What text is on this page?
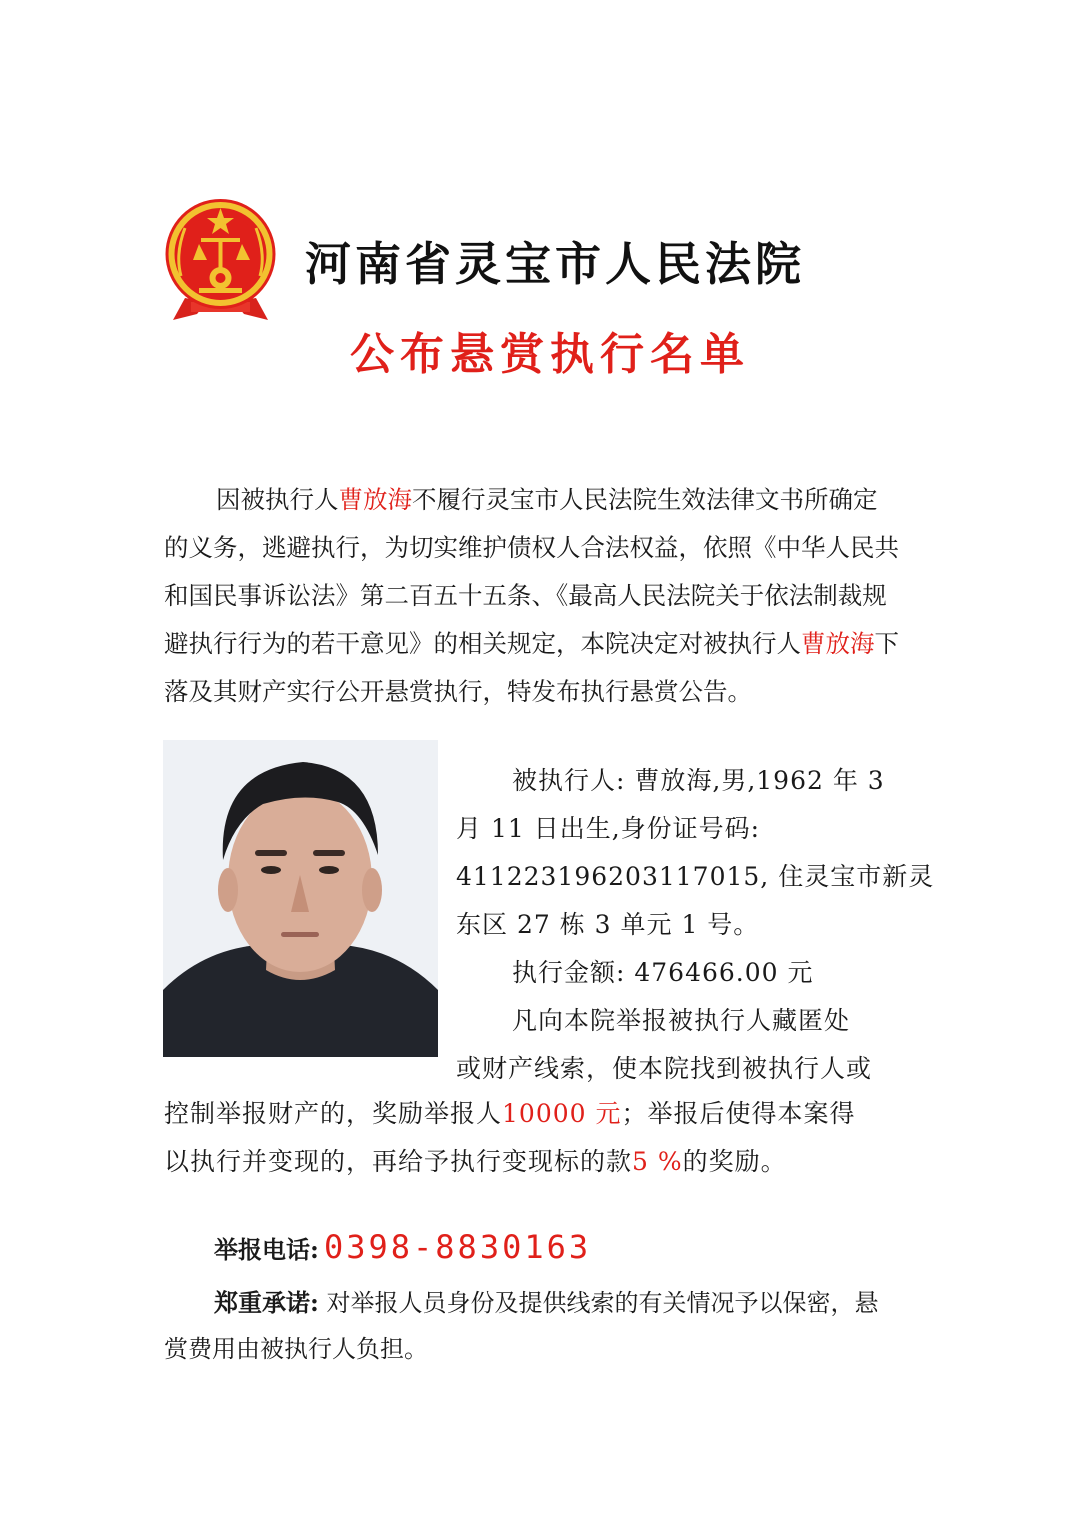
河南省灵宝市人民法院
公布悬赏执行名单
因被执行人曹放海不履行灵宝市人民法院生效法律文书所确定
的义务，逃避执行，为切实维护债权人合法权益，依照《中华人民共
和国民事诉讼法》第二百五十五条、《最高人民法院关于依法制裁规
避执行行为的若干意见》的相关规定，本院决定对被执行人曹放海下
落及其财产实行公开悬赏执行，特发布执行悬赏公告。
被执行人: 曹放海,男,1962 年 3
月 11 日出生,身份证号码:
411223196203117015, 住灵宝市新灵
东区 27 栋 3 单元 1 号。
执行金额: 476466.00 元
凡向本院举报被执行人藏匿处
或财产线索，使本院找到被执行人或
控制举报财产的，奖励举报人10000 元；举报后使得本案得
以执行并变现的，再给予执行变现标的款5 %的奖励。
举报电话: 0398-8830163
郑重承诺: 对举报人员身份及提供线索的有关情况予以保密，悬
赏费用由被执行人负担。
